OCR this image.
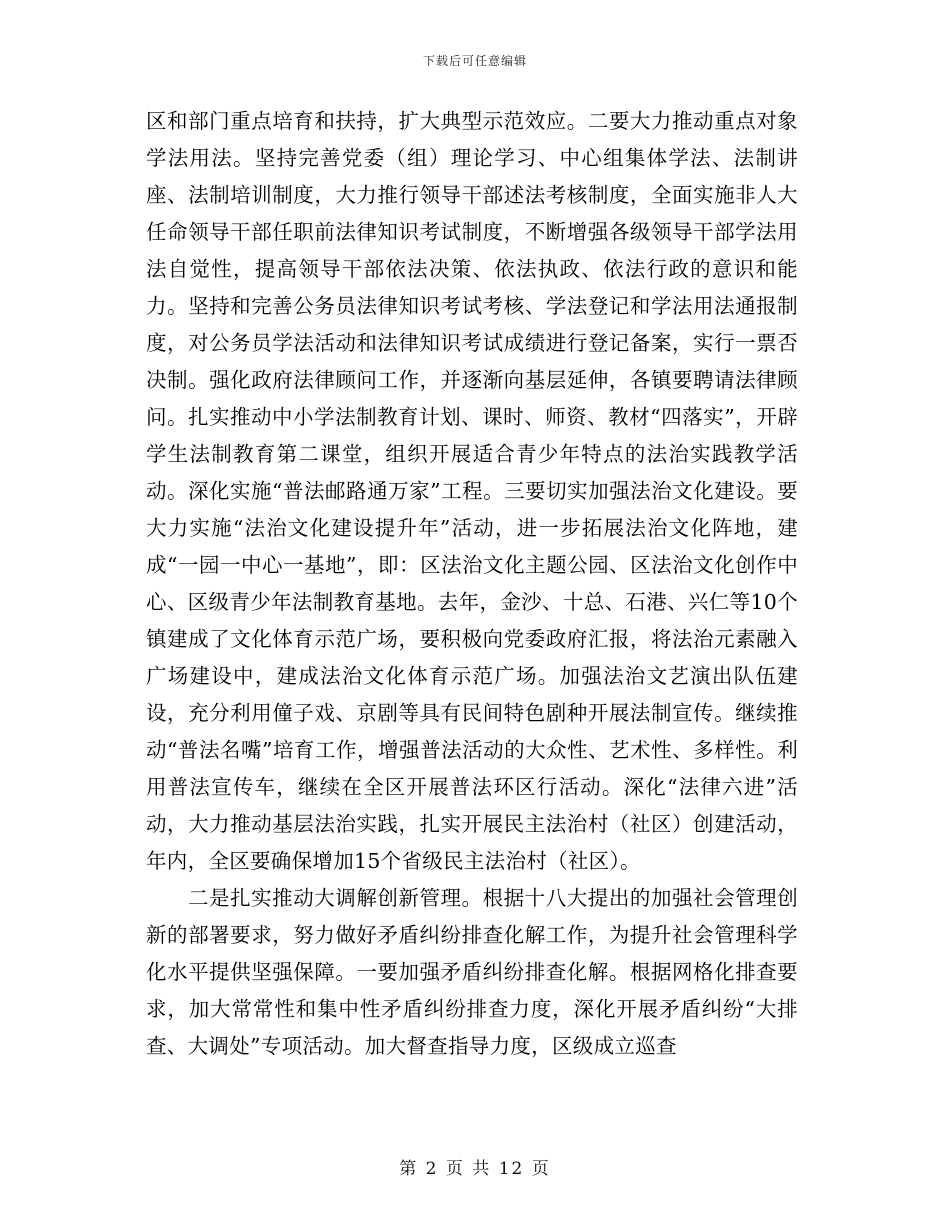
下载后可任意编辑

区和部门重点培育和扶持，扩大典型示范效应。二要大力推动重点对象学法用法。坚持完善党委（组）理论学习、中心组集体学法、法制讲座、法制培训制度，大力推行领导干部述法考核制度，全面实施非人大任命领导干部任职前法律知识考试制度，不断增强各级领导干部学法用法自觉性，提高领导干部依法决策、依法执政、依法行政的意识和能力。坚持和完善公务员法律知识考试考核、学法登记和学法用法通报制度，对公务员学法活动和法律知识考试成绩进行登记备案，实行一票否决制。强化政府法律顾问工作，并逐渐向基层延伸，各镇要聘请法律顾问。扎实推动中小学法制教育计划、课时、师资、教材“四落实”，开辟学生法制教育第二课堂，组织开展适合青少年特点的法治实践教学活动。深化实施“普法邮路通万家”工程。三要切实加强法治文化建设。要大力实施“法治文化建设提升年”活动，进一步拓展法治文化阵地，建成“一园一中心一基地”，即：区法治文化主题公园、区法治文化创作中心、区级青少年法制教育基地。去年，金沙、十总、石港、兴仁等10个镇建成了文化体育示范广场，要积极向党委政府汇报，将法治元素融入广场建设中，建成法治文化体育示范广场。加强法治文艺演出队伍建设，充分利用僮子戏、京剧等具有民间特色剧种开展法制宣传。继续推动“普法名嘴”培育工作，增强普法活动的大众性、艺术性、多样性。利用普法宣传车，继续在全区开展普法环区行活动。深化“法律六进”活动，大力推动基层法治实践，扎实开展民主法治村（社区）创建活动，年内，全区要确保增加15个省级民主法治村（社区）。

二是扎实推动大调解创新管理。根据十八大提出的加强社会管理创新的部署要求，努力做好矛盾纠纷排查化解工作，为提升社会管理科学化水平提供坚强保障。一要加强矛盾纠纷排查化解。根据网格化排查要求，加大常常性和集中性矛盾纠纷排查力度，深化开展矛盾纠纷“大排查、大调处”专项活动。加大督查指导力度，区级成立巡查

第 2 页 共 12 页
